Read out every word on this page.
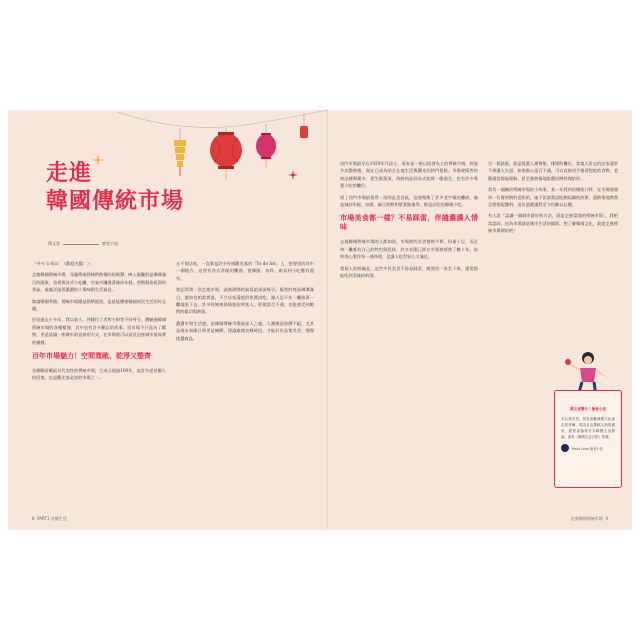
走進
韓國傳統市場
撰文者	繪者小姐

「어서 오세요！（歡迎光臨！）」

走進韓國傳統市場，耳邊傳來阿姨們熱情的吆喝聲；映入眼簾的是琳瑯滿目的蔬果、魚貨與各式小吃攤，空氣中瀰漫著辣炒年糕、煎餅與魚板湯的香氣，處處洋溢著濃濃的人情味與生活氣息。

無論哪個季節，傳統市場總是熱鬧滾滾，是最能體會韓國庶民生活的好去處。

回首過去十多年，我以旅人、外籍打工者和主婦等不同身分，體驗過韓國傳統市場的各種樣貌，其中也有許多難忘的故事。逛市場不只是為了購物，更是認識一座城市最直接的方式，在市場裡可以看見這座城市最真實的模樣。

百年市場魅力！空間寬敞、乾淨又整齊

先聊聊首爾最具代表性的傳統市場，它成立超過100年，是許多老首爾人的回憶，也是觀光客必訪的市場之一。

五千個店家，一直都是許多外國觀光客的「To do list」上，想要逛的其中一個地方。這裡有各式各樣的攤商，從韓服、布料、廚具到小吃應有盡有。

我記得第一次走進市場，就被熱鬧的氣氛給深深吸引。販售的商品琳瑯滿目，價格也相當實惠，不少店家還提供免費試吃，讓人忍不住一攤接著一攤地逛下去。許多阿姨會熱情地招呼客人，即使語言不通，也能感受到她們的親切與熱情。

濃濃市場生活感，是韓國傳統市場最迷人之處。人潮總是絡繹不絕，尤其是週末和節日時更是擁擠。建議避開尖峰時段，才能好好品嘗美食、慢慢挑選商品。

西門市場最早在1920年代設立，原本是一座以批發為主的傳統市場，經過多次整修後，現在已成為結合在地生活與觀光的熱門景點。市場裡販售的商品種類繁多，從生鮮蔬果、海鮮肉品到各式乾貨一應俱全，也有許多專賣小吃的攤位。

到了西門市場最值得一逛的是美食區，這裡聚集了許多老字號的攤商，像是辣炒年糕、血腸、綠豆煎餅和紫菜飯捲等，都是必吃的韓國小吃。

市場美食都一樣？不易踩雷，伴隨濃濃人情味

去過韓國傳統市場的人都知道，市場裡的美食價格平實、份量十足，而且每一攤都有自己的特色與堅持。許多老闆已經在市場裡經營了數十年，始終用心製作每一道料理，也讓人吃得安心又滿足。

我個人的經驗是，這些平民美食不容易踩雷，隨便找一家坐下來，通常都能吃到美味的料理。

另一個訣竅，就是挑選人潮聚集、排隊的攤位，當地人常去的店家通常不會讓人失望。如果擔心語言不通，可以直接用手指著想吃的食物，老闆通常都能理解，甚至會熱情地推薦招牌料理給你。

當有一個關於傳統市場的小故事，某一年我到首爾旅行時，在市場裡遇到一位賣煎餅的老奶奶，她不但請我試吃剛起鍋的煎餅，還熱情地教我怎麼搭配醬料，這份溫暖讓我至今仍難以忘懷。

有人說「認識一個城市最好的方法，就是走進當地的傳統市場」，我相當認同。因為市場就是城市生活的縮影，想了解韓國文化，就從走進傳統市場開始吧！

撰文者簡介｜繪者小姐
本名林芳君，因為喜歡韓國文化而定居首爾，現為自由撰稿人與插畫家，經營部落格分享韓國生活點滴，著有《韓國生活日常》等書。
Hello Lorie 繪者小姐
8 PART1 首爾生活	走進韓國傳統市場 9
